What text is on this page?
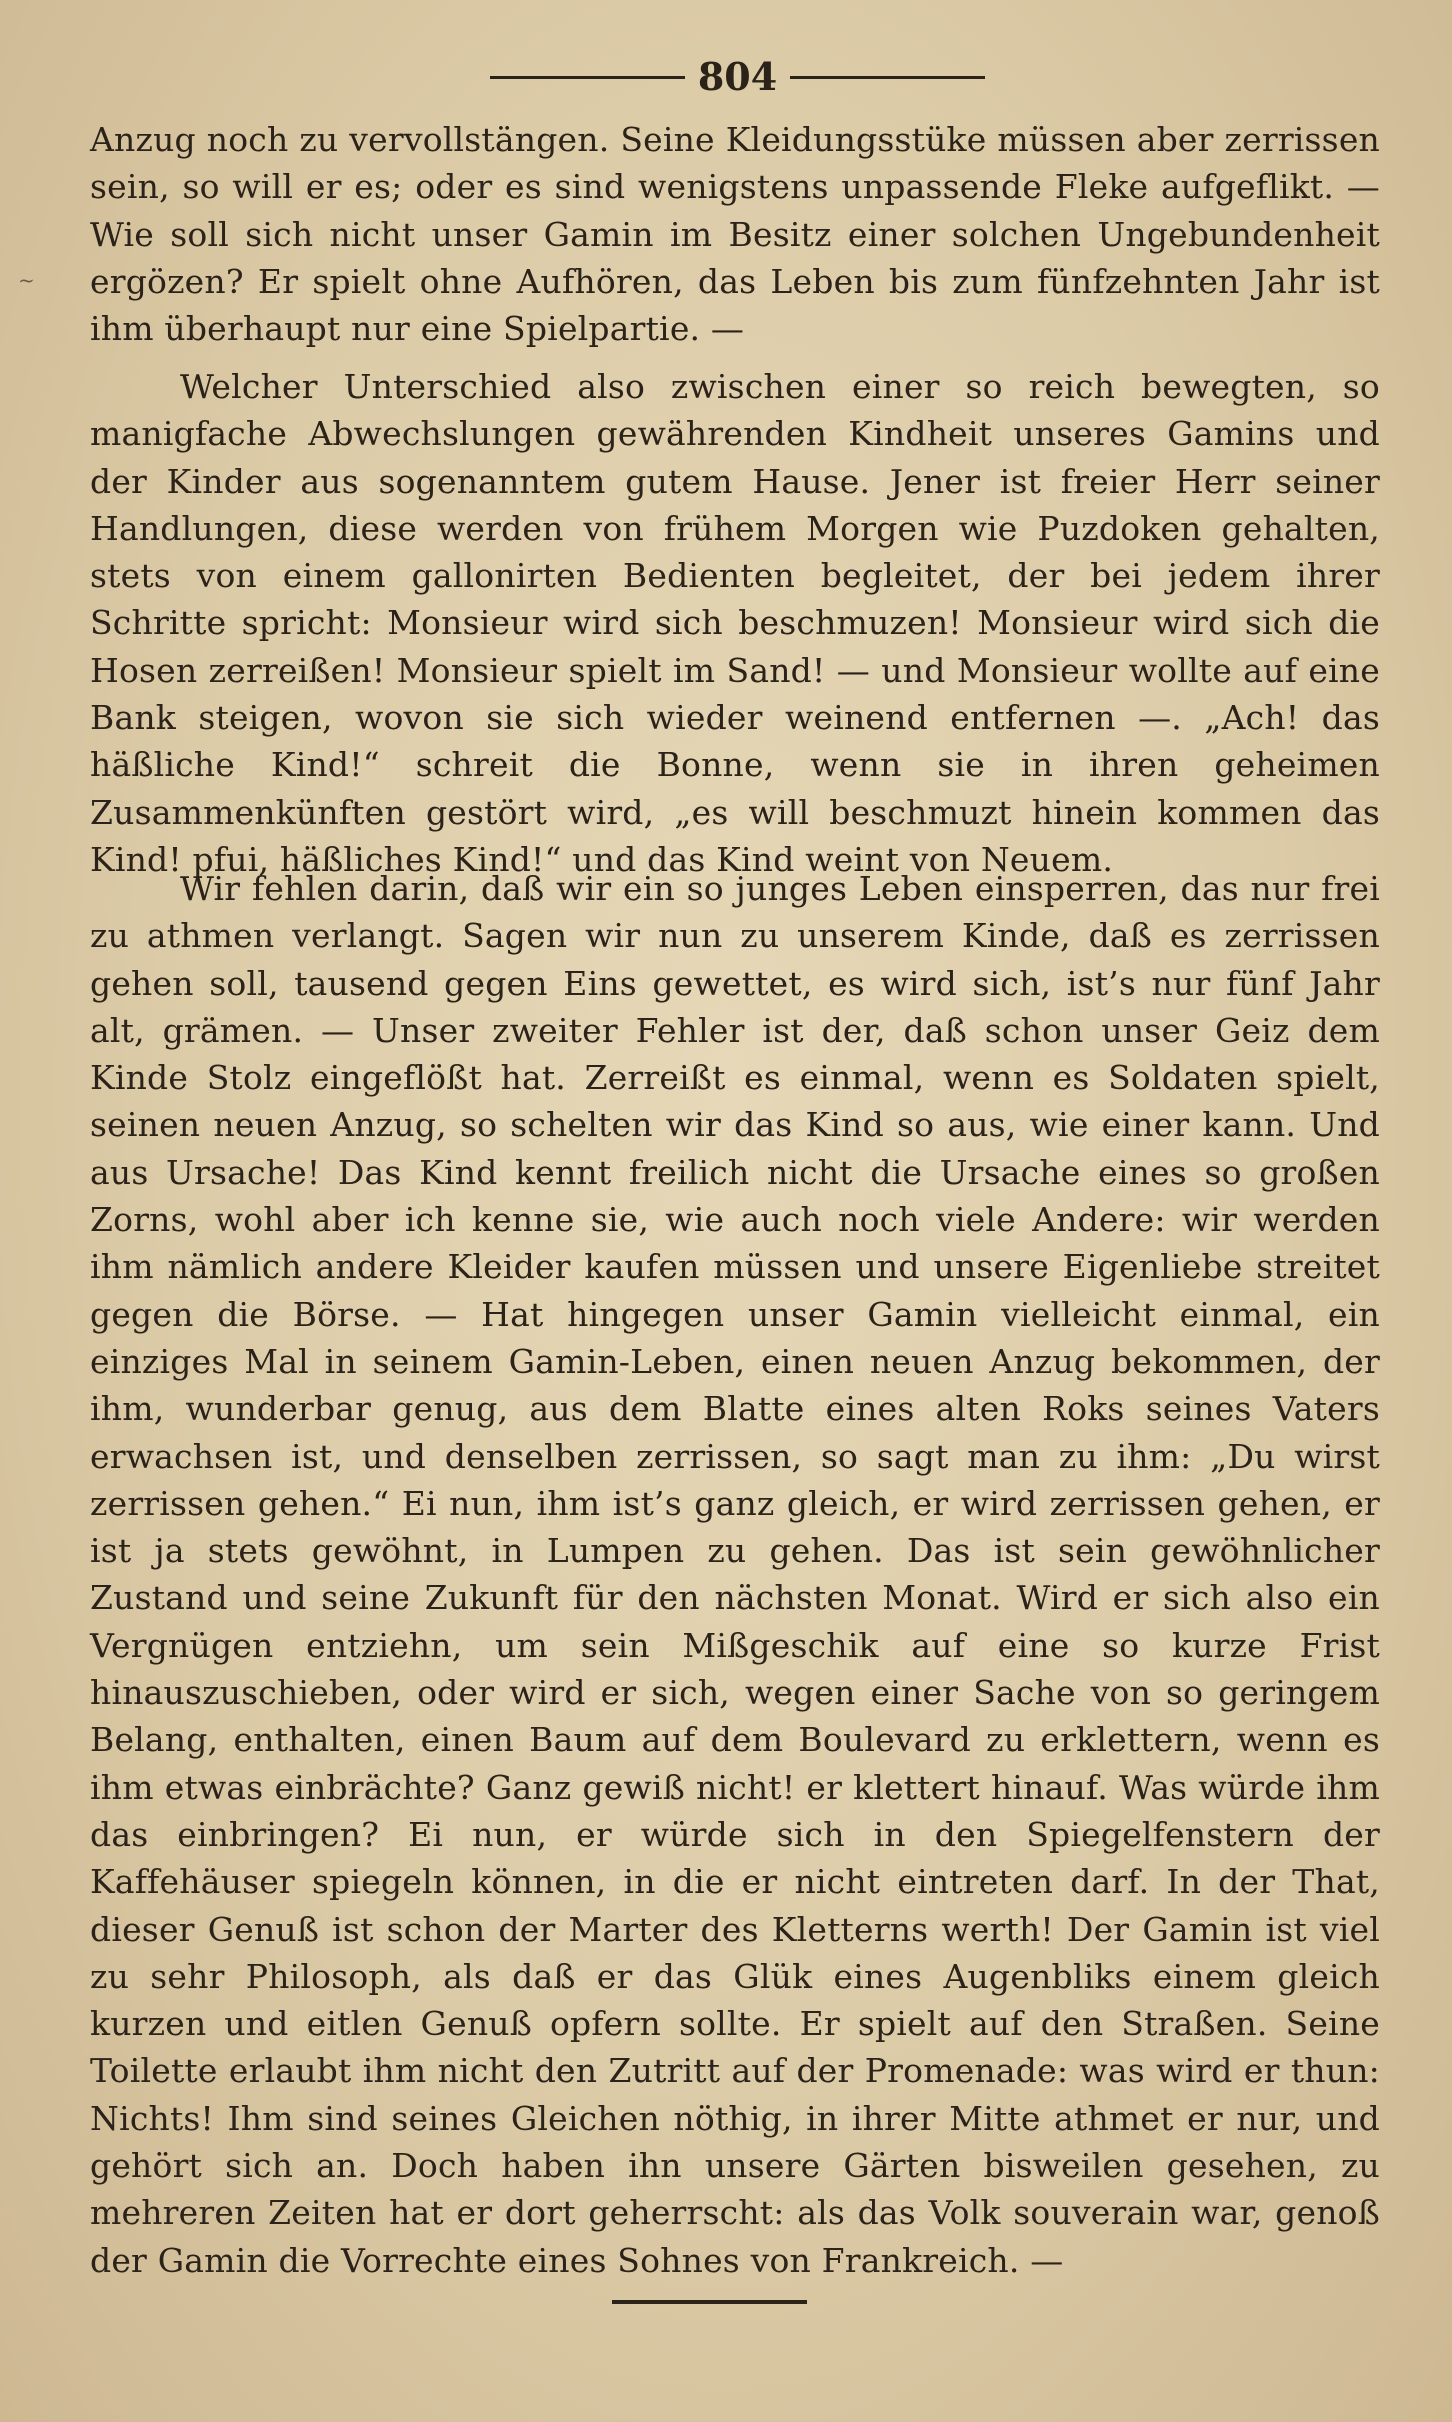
804
~

Anzug noch zu vervollstängen. Seine Kleidungsstüke müssen aber zerrissen sein, so will er es; oder es sind wenigstens unpassende Fleke aufgeflikt. — Wie soll sich nicht unser Gamin im Besitz einer solchen Ungebundenheit ergözen? Er spielt ohne Aufhören, das Leben bis zum fünfzehnten Jahr ist ihm überhaupt nur eine Spielpartie. —

Welcher Unterschied also zwischen einer so reich bewegten, so manigfache Abwechslungen gewährenden Kindheit unseres Gamins und der Kinder aus sogenanntem gutem Hause. Jener ist freier Herr seiner Handlungen, diese werden von frühem Morgen wie Puzdoken gehalten, stets von einem gallonirten Bedienten begleitet, der bei jedem ihrer Schritte spricht: Monsieur wird sich beschmuzen! Monsieur wird sich die Hosen zerreißen! Monsieur spielt im Sand! — und Monsieur wollte auf eine Bank steigen, wovon sie sich wieder weinend entfernen —. „Ach! das häßliche Kind!“ schreit die Bonne, wenn sie in ihren geheimen Zusammenkünften gestört wird, „es will beschmuzt hinein kommen das Kind! pfui, häßliches Kind!“ und das Kind weint von Neuem.

Wir fehlen darin, daß wir ein so junges Leben einsperren, das nur frei zu athmen verlangt. Sagen wir nun zu unserem Kinde, daß es zerrissen gehen soll, tausend gegen Eins gewettet, es wird sich, ist’s nur fünf Jahr alt, grämen. — Unser zweiter Fehler ist der, daß schon unser Geiz dem Kinde Stolz eingeflößt hat. Zerreißt es einmal, wenn es Soldaten spielt, seinen neuen Anzug, so schelten wir das Kind so aus, wie einer kann. Und aus Ursache! Das Kind kennt freilich nicht die Ursache eines so großen Zorns, wohl aber ich kenne sie, wie auch noch viele Andere: wir werden ihm nämlich andere Kleider kaufen müssen und unsere Eigenliebe streitet gegen die Börse. — Hat hingegen unser Gamin vielleicht einmal, ein einziges Mal in seinem Gamin-Leben, einen neuen Anzug bekommen, der ihm, wunderbar genug, aus dem Blatte eines alten Roks seines Vaters erwachsen ist, und denselben zerrissen, so sagt man zu ihm: „Du wirst zerrissen gehen.“ Ei nun, ihm ist’s ganz gleich, er wird zerrissen gehen, er ist ja stets gewöhnt, in Lumpen zu gehen. Das ist sein gewöhnlicher Zustand und seine Zukunft für den nächsten Monat. Wird er sich also ein Vergnügen entziehn, um sein Mißgeschik auf eine so kurze Frist hinauszuschieben, oder wird er sich, wegen einer Sache von so geringem Belang, enthalten, einen Baum auf dem Boulevard zu erklettern, wenn es ihm etwas einbrächte? Ganz gewiß nicht! er klettert hinauf. Was würde ihm das einbringen? Ei nun, er würde sich in den Spiegelfenstern der Kaffehäuser spiegeln können, in die er nicht eintreten darf. In der That, dieser Genuß ist schon der Marter des Kletterns werth! Der Gamin ist viel zu sehr Philosoph, als daß er das Glük eines Augenbliks einem gleich kurzen und eitlen Genuß opfern sollte. Er spielt auf den Straßen. Seine Toilette erlaubt ihm nicht den Zutritt auf der Promenade: was wird er thun: Nichts! Ihm sind seines Gleichen nöthig, in ihrer Mitte athmet er nur, und gehört sich an. Doch haben ihn unsere Gärten bisweilen gesehen, zu mehreren Zeiten hat er dort geherrscht: als das Volk souverain war, genoß der Gamin die Vorrechte eines Sohnes von Frankreich. —
